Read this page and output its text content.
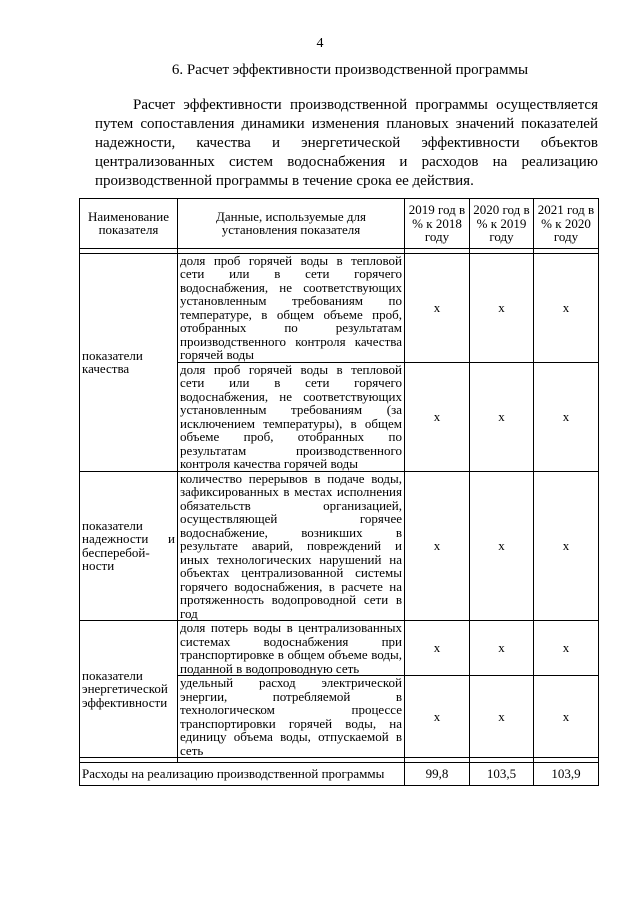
4
6. Расчет эффективности производственной программы

Расчет эффективности производственной программы осуществляется путем сопоставления динамики изменения плановых значений показателей надежности, качества и энергетической эффективности объектов централизованных систем водоснабжения и расходов на реализацию производственной программы в течение срока ее действия.

Наименование показателя	Данные, используемые для установления показателя	2019 год в % к 2018 году	2020 год в % к 2019 году	2021 год в % к 2020 году

показатели качества	доля проб горячей воды в тепловой сети или в сети горячего водоснабжения, не соответствующих установленным требованиям по температуре, в общем объеме проб, отобранных по результатам производственного контроля качества горячей воды	x	x	x
	доля проб горячей воды в тепловой сети или в сети горячего водоснабжения, не соответствующих установленным требованиям (за исключением температуры), в общем объеме проб, отобранных по результатам производственного контроля качества горячей воды	x	x	x
показатели надежности и бесперебой-ности	количество перерывов в подаче воды, зафиксированных в местах исполнения обязательств организацией, осуществляющей горячее водоснабжение, возникших в результате аварий, повреждений и иных технологических нарушений на объектах централизованной системы горячего водоснабжения, в расчете на протяженность водопроводной сети в год	x	x	x
показатели энергетической эффективности	доля потерь воды в централизованных системах водоснабжения при транспортировке в общем объеме воды, поданной в водопроводную сеть	x	x	x
	удельный расход электрической энергии, потребляемой в технологическом процессе транспортировки горячей воды, на единицу объема воды, отпускаемой в сеть	x	x	x

Расходы на реализацию производственной программы		99,8	103,5	103,9
